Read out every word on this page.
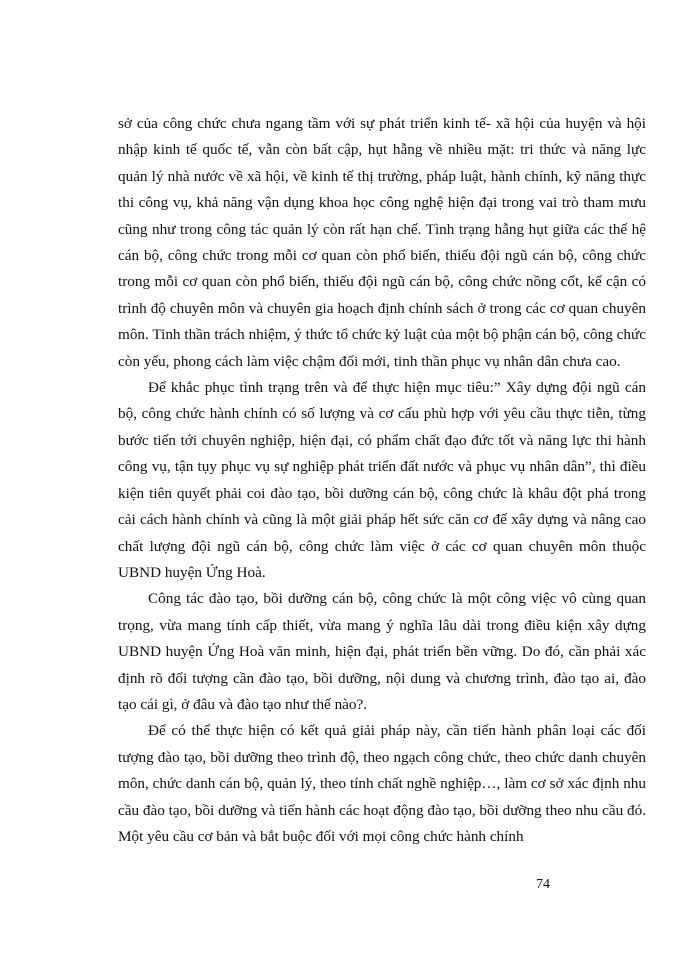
sở của công chức chưa ngang tầm với sự phát triển kinh tế- xã hội của huyện và hội nhập kinh tế quốc tế, vẫn còn bất cập, hụt hẫng về nhiều mặt: tri thức và năng lực quản lý nhà nước về xã hội, về kinh tế thị trường, pháp luật, hành chính, kỹ năng thực thi công vụ, khả năng vận dụng khoa học công nghệ hiện đại trong vai trò tham mưu cũng như trong công tác quản lý còn rất hạn chế. Tình trạng hẫng hụt giữa các thế hệ cán bộ, công chức trong mỗi cơ quan còn phổ biến, thiếu đội ngũ cán bộ, công chức trong mỗi cơ quan còn phổ biến, thiếu đội ngũ cán bộ, công chức nồng cốt, kế cận có trình độ chuyên môn và chuyên gia hoạch định chính sách ở trong các cơ quan chuyên môn. Tinh thần trách nhiệm, ý thức tổ chức kỷ luật của một bộ phận cán bộ, công chức còn yếu, phong cách làm việc chậm đổi mới, tinh thần phục vụ nhân dân chưa cao.

Để khắc phục tình trạng trên và để thực hiện mục tiêu:” Xây dựng đội ngũ cán bộ, công chức hành chính có số lượng và cơ cấu phù hợp với yêu cầu thực tiễn, từng bước tiến tới chuyên nghiệp, hiện đại, có phẩm chất đạo đức tốt và năng lực thi hành công vụ, tận tụy phục vụ sự nghiệp phát triển đất nước và phục vụ nhân dân”, thì điều kiện tiên quyết phải coi đào tạo, bồi dưỡng cán bộ, công chức là khâu đột phá trong cải cách hành chính và cũng là một giải pháp hết sức căn cơ để xây dựng và nâng cao chất lượng đội ngũ cán bộ, công chức làm việc ở các cơ quan chuyên môn thuộc UBND huyện Ứng Hoà.

Công tác đào tạo, bồi dưỡng cán bộ, công chức là một công việc vô cùng quan trọng, vừa mang tính cấp thiết, vừa mang ý nghĩa lâu dài trong điều kiện xây dựng UBND huyện Ứng Hoà văn minh, hiện đại, phát triển bền vững. Do đó, cần phải xác định rõ đối tượng cần đào tạo, bồi dưỡng, nội dung và chương trình, đào tạo ai, đào tạo cái gì, ở đâu và đào tạo như thế nào?.

Để có thể thực hiện có kết quả giải pháp này, cần tiến hành phân loại các đối tượng đào tạo, bồi dưỡng theo trình độ, theo ngạch công chức, theo chức danh chuyên môn, chức danh cán bộ, quản lý, theo tính chất nghề nghiệp…, làm cơ sở xác định nhu cầu đào tạo, bồi dưỡng và tiến hành các hoạt động đào tạo, bồi dưỡng theo nhu cầu đó. Một yêu cầu cơ bản và bắt buộc đối với mọi công chức hành chính

74
